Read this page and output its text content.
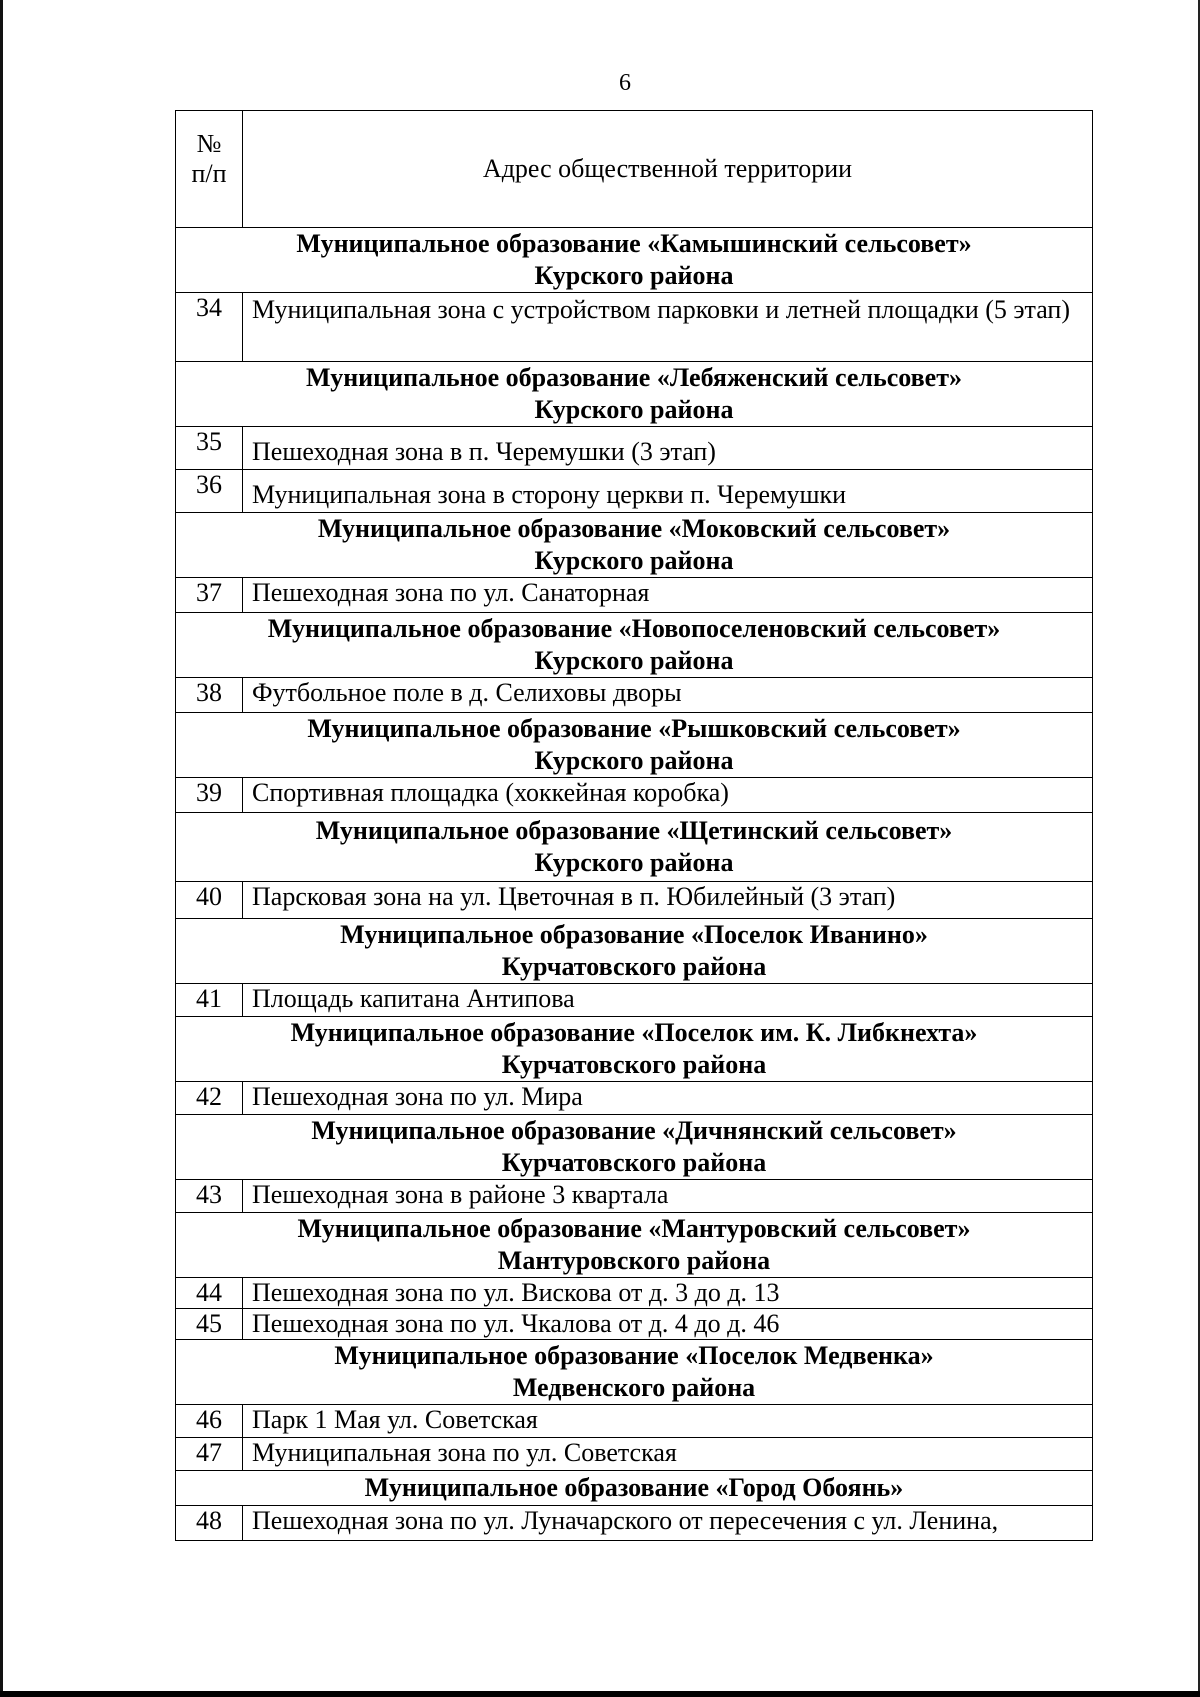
6
№
п/п	Адрес общественной территории

Муниципальное образование «Камышинский сельсовет»
Курского района	

34	Муниципальная зона с устройством парковки и летней площадки (5 этап)

Муниципальное образование «Лебяженский сельсовет»
Курского района	

35	Пешеходная зона в п. Черемушки (3 этап)
36	Муниципальная зона в сторону церкви п. Черемушки

Муниципальное образование «Моковский сельсовет»
Курского района	

37	Пешеходная зона по ул. Санаторная

Муниципальное образование «Новопоселеновский сельсовет»
Курского района	

38	Футбольное поле в д. Селиховы дворы

Муниципальное образование «Рышковский сельсовет»
Курского района	

39	Спортивная площадка (хоккейная коробка)

Муниципальное образование «Щетинский сельсовет»
Курского района	

40	Парсковая зона на ул. Цветочная в п. Юбилейный (3 этап)

Муниципальное образование «Поселок Иванино»
Курчатовского района	

41	Площадь капитана Антипова

Муниципальное образование «Поселок им. К. Либкнехта»
Курчатовского района	

42	Пешеходная зона по ул. Мира

Муниципальное образование «Дичнянский сельсовет»
Курчатовского района	

43	Пешеходная зона в районе 3 квартала

Муниципальное образование «Мантуровский сельсовет»
Мантуровского района	

44	Пешеходная зона по ул. Вискова от д. 3 до д. 13
45	Пешеходная зона по ул. Чкалова от д. 4 до д. 46

Муниципальное образование «Поселок Медвенка»
Медвенского района	

46	Парк 1 Мая ул. Советская
47	Муниципальная зона по ул. Советская

Муниципальное образование «Город Обоянь»	

48	Пешеходная зона по ул. Луначарского от пересечения с ул. Ленина,
